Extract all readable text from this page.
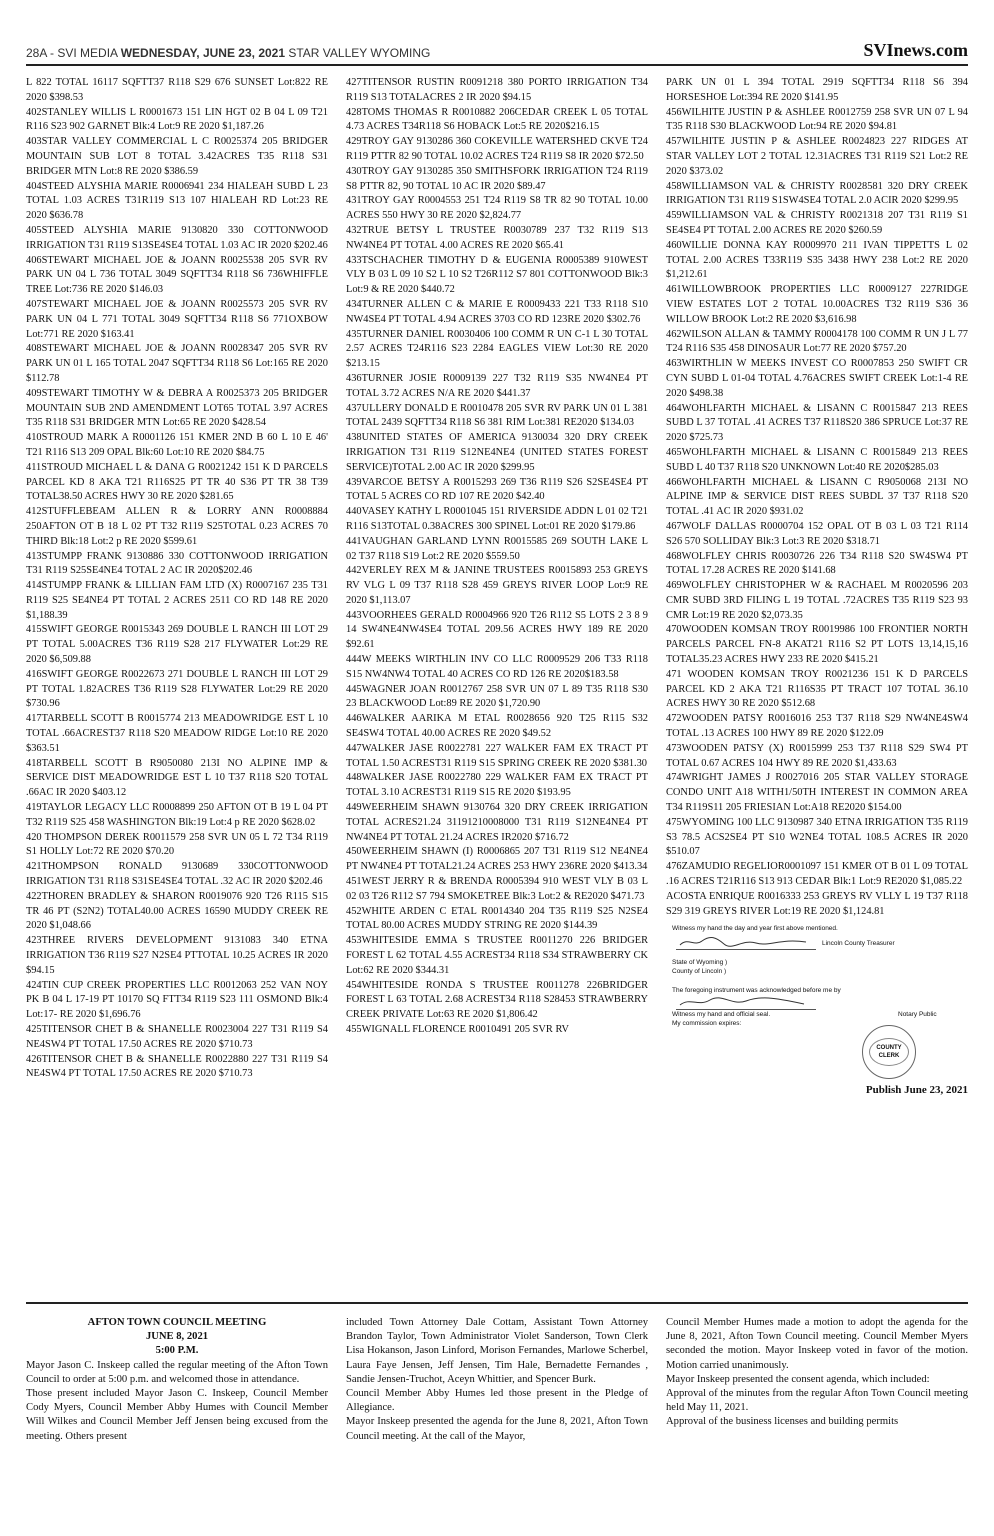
28A - SVI MEDIA WEDNESDAY, JUNE 23, 2021 STAR VALLEY WYOMING	SVInews.com

L 822 TOTAL 16117 SQFTT37 R118 S29 676 SUNSET Lot:822 RE 2020 $398.53

402STANLEY WILLIS L R0001673 151 LIN HGT 02 B 04 L 09 T21 R116 S23 902 GARNET Blk:4 Lot:9 RE 2020 $1,187.26

403STAR VALLEY COMMERCIAL L C R0025374 205 BRIDGER MOUNTAIN SUB LOT 8 TOTAL 3.42ACRES T35 R118 S31 BRIDGER MTN Lot:8 RE 2020 $386.59

404STEED ALYSHIA MARIE R0006941 234 HIALEAH SUBD L 23 TOTAL 1.03 ACRES T31R119 S13 107 HIALEAH RD Lot:23 RE 2020 $636.78

405STEED ALYSHIA MARIE 9130820 330 COTTONWOOD IRRIGATION T31 R119 S13SE4SE4 TOTAL 1.03 AC IR 2020 $202.46

406STEWART MICHAEL JOE & JOANN R0025538 205 SVR RV PARK UN 04 L 736 TOTAL 3049 SQFTT34 R118 S6 736WHIFFLE TREE Lot:736 RE 2020 $146.03

407STEWART MICHAEL JOE & JOANN R0025573 205 SVR RV PARK UN 04 L 771 TOTAL 3049 SQFTT34 R118 S6 771OXBOW Lot:771 RE 2020 $163.41

408STEWART MICHAEL JOE & JOANN R0028347 205 SVR RV PARK UN 01 L 165 TOTAL 2047 SQFTT34 R118 S6 Lot:165 RE 2020 $112.78

409STEWART TIMOTHY W & DEBRA A R0025373 205 BRIDGER MOUNTAIN SUB 2ND AMENDMENT LOT65 TOTAL 3.97 ACRES T35 R118 S31 BRIDGER MTN Lot:65 RE 2020 $428.54

410STROUD MARK A R0001126 151 KMER 2ND B 60 L 10 E 46' T21 R116 S13 209 OPAL Blk:60 Lot:10 RE 2020 $84.75

411STROUD MICHAEL L & DANA G R0021242 151 K D PARCELS PARCEL KD 8 AKA T21 R116S25 PT TR 40 S36 PT TR 38 T39 TOTAL38.50 ACRES HWY 30 RE 2020 $281.65

412STUFFLEBEAM ALLEN R & LORRY ANN R0008884 250AFTON OT B 18 L 02 PT T32 R119 S25TOTAL 0.23 ACRES 70 THIRD Blk:18 Lot:2 p RE 2020 $599.61

413STUMPP FRANK 9130886 330 COTTONWOOD IRRIGATION T31 R119 S25SE4NE4 TOTAL 2 AC IR 2020$202.46

414STUMPP FRANK & LILLIAN FAM LTD (X) R0007167 235 T31 R119 S25 SE4NE4 PT TOTAL 2 ACRES 2511 CO RD 148 RE 2020 $1,188.39

415SWIFT GEORGE R0015343 269 DOUBLE L RANCH III LOT 29 PT TOTAL 5.00ACRES T36 R119 S28 217 FLYWATER Lot:29 RE 2020 $6,509.88

416SWIFT GEORGE R0022673 271 DOUBLE L RANCH III LOT 29 PT TOTAL 1.82ACRES T36 R119 S28 FLYWATER Lot:29 RE 2020 $730.96

417TARBELL SCOTT B R0015774 213 MEADOWRIDGE EST L 10 TOTAL .66ACREST37 R118 S20 MEADOW RIDGE Lot:10 RE 2020 $363.51

418TARBELL SCOTT B R9050080 213I NO ALPINE IMP & SERVICE DIST MEADOWRIDGE EST L 10 T37 R118 S20 TOTAL .66AC IR 2020 $403.12

419TAYLOR LEGACY LLC R0008899 250 AFTON OT B 19 L 04 PT T32 R119 S25 458 WASHINGTON Blk:19 Lot:4 p RE 2020 $628.02

420 THOMPSON DEREK R0011579 258 SVR UN 05 L 72 T34 R119 S1 HOLLY Lot:72 RE 2020 $70.20

421THOMPSON RONALD 9130689 330COTTONWOOD IRRIGATION T31 R118 S31SE4SE4 TOTAL .32 AC IR 2020 $202.46

422THOREN BRADLEY & SHARON R0019076 920 T26 R115 S15 TR 46 PT (S2N2) TOTAL40.00 ACRES 16590 MUDDY CREEK RE 2020 $1,048.66

423THREE RIVERS DEVELOPMENT 9131083 340 ETNA IRRIGATION T36 R119 S27 N2SE4 PTTOTAL 10.25 ACRES IR 2020 $94.15

424TIN CUP CREEK PROPERTIES LLC R0012063 252 VAN NOY PK B 04 L 17-19 PT 10170 SQ FTT34 R119 S23 111 OSMOND Blk:4 Lot:17- RE 2020 $1,696.76

425TITENSOR CHET B & SHANELLE R0023004 227 T31 R119 S4 NE4SW4 PT TOTAL 17.50 ACRES RE 2020 $710.73

426TITENSOR CHET B & SHANELLE R0022880 227 T31 R119 S4 NE4SW4 PT TOTAL 17.50 ACRES RE 2020 $710.73

427TITENSOR RUSTIN R0091218 380 PORTO IRRIGATION T34 R119 S13 TOTALACRES 2 IR 2020 $94.15

428TOMS THOMAS R R0010882 206CEDAR CREEK L 05 TOTAL 4.73 ACRES T34R118 S6 HOBACK Lot:5 RE 2020$216.15

429TROY GAY 9130286 360 COKEVILLE WATERSHED CKVE T24 R119 PTTR 82 90 TOTAL 10.02 ACRES T24 R119 S8 IR 2020 $72.50

430TROY GAY 9130285 350 SMITHSFORK IRRIGATION T24 R119 S8 PTTR 82, 90 TOTAL 10 AC IR 2020 $89.47

431TROY GAY R0004553 251 T24 R119 S8 TR 82 90 TOTAL 10.00 ACRES 550 HWY 30 RE 2020 $2,824.77

432TRUE BETSY L TRUSTEE R0030789 237 T32 R119 S13 NW4NE4 PT TOTAL 4.00 ACRES RE 2020 $65.41

433TSCHACHER TIMOTHY D & EUGENIA R0005389 910WEST VLY B 03 L 09 10 S2 L 10 S2 T26R112 S7 801 COTTONWOOD Blk:3 Lot:9 & RE 2020 $440.72

434TURNER ALLEN C & MARIE E R0009433 221 T33 R118 S10 NW4SE4 PT TOTAL 4.94 ACRES 3703 CO RD 123RE 2020 $302.76

435TURNER DANIEL R0030406 100 COMM R UN C-1 L 30 TOTAL 2.57 ACRES T24R116 S23 2284 EAGLES VIEW Lot:30 RE 2020 $213.15

436TURNER JOSIE R0009139 227 T32 R119 S35 NW4NE4 PT TOTAL 3.72 ACRES N/A RE 2020 $441.37

437ULLERY DONALD E R0010478 205 SVR RV PARK UN 01 L 381 TOTAL 2439 SQFTT34 R118 S6 381 RIM Lot:381 RE2020 $134.03

438UNITED STATES OF AMERICA 9130034 320 DRY CREEK IRRIGATION T31 R119 S12NE4NE4 (UNITED STATES FOREST SERVICE)TOTAL 2.00 AC IR 2020 $299.95

439VARCOE BETSY A R0015293 269 T36 R119 S26 S2SE4SE4 PT TOTAL 5 ACRES CO RD 107 RE 2020 $42.40

440VASEY KATHY L R0001045 151 RIVERSIDE ADDN L 01 02 T21 R116 S13TOTAL 0.38ACRES 300 SPINEL Lot:01 RE 2020 $179.86

441VAUGHAN GARLAND LYNN R0015585 269 SOUTH LAKE L 02 T37 R118 S19 Lot:2 RE 2020 $559.50

442VERLEY REX M & JANINE TRUSTEES R0015893 253 GREYS RV VLG L 09 T37 R118 S28 459 GREYS RIVER LOOP Lot:9 RE 2020 $1,113.07

443VOORHEES GERALD R0004966 920 T26 R112 S5 LOTS 2 3 8 9 14 SW4NE4NW4SE4 TOTAL 209.56 ACRES HWY 189 RE 2020 $92.61

444W MEEKS WIRTHLIN INV CO LLC R0009529 206 T33 R118 S15 NW4NW4 TOTAL 40 ACRES CO RD 126 RE 2020$183.58

445WAGNER JOAN R0012767 258 SVR UN 07 L 89 T35 R118 S30 23 BLACKWOOD Lot:89 RE 2020 $1,720.90

446WALKER AARIKA M ETAL R0028656 920 T25 R115 S32 SE4SW4 TOTAL 40.00 ACRES RE 2020 $49.52

447WALKER JASE R0022781 227 WALKER FAM EX TRACT PT TOTAL 1.50 ACREST31 R119 S15 SPRING CREEK RE 2020 $381.30

448WALKER JASE R0022780 229 WALKER FAM EX TRACT PT TOTAL 3.10 ACREST31 R119 S15 RE 2020 $193.95

449WEERHEIM SHAWN 9130764 320 DRY CREEK IRRIGATION TOTAL ACRES21.24 31191210008000 T31 R119 S12NE4NE4 PT NW4NE4 PT TOTAL 21.24 ACRES IR2020 $716.72

450WEERHEIM SHAWN (I) R0006865 207 T31 R119 S12 NE4NE4 PT NW4NE4 PT TOTAL21.24 ACRES 253 HWY 236RE 2020 $413.34

451WEST JERRY R & BRENDA R0005394 910 WEST VLY B 03 L 02 03 T26 R112 S7 794 SMOKETREE Blk:3 Lot:2 & RE2020 $471.73

452WHITE ARDEN C ETAL R0014340 204 T35 R119 S25 N2SE4 TOTAL 80.00 ACRES MUDDY STRING RE 2020 $144.39

453WHITESIDE EMMA S TRUSTEE R0011270 226 BRIDGER FOREST L 62 TOTAL 4.55 ACREST34 R118 S34 STRAWBERRY CK Lot:62 RE 2020 $344.31

454WHITESIDE RONDA S TRUSTEE R0011278 226BRIDGER FOREST L 63 TOTAL 2.68 ACREST34 R118 S28453 STRAWBERRY CREEK PRIVATE Lot:63 RE 2020 $1,806.42

455WIGNALL FLORENCE R0010491 205 SVR RV

PARK UN 01 L 394 TOTAL 2919 SQFTT34 R118 S6 394 HORSESHOE Lot:394 RE 2020 $141.95

456WILHITE JUSTIN P & ASHLEE R0012759 258 SVR UN 07 L 94 T35 R118 S30 BLACKWOOD Lot:94 RE 2020 $94.81

457WILHITE JUSTIN P & ASHLEE R0024823 227 RIDGES AT STAR VALLEY LOT 2 TOTAL 12.31ACRES T31 R119 S21 Lot:2 RE 2020 $373.02

458WILLIAMSON VAL & CHRISTY R0028581 320 DRY CREEK IRRIGATION T31 R119 S1SW4SE4 TOTAL 2.0 ACIR 2020 $299.95

459WILLIAMSON VAL & CHRISTY R0021318 207 T31 R119 S1 SE4SE4 PT TOTAL 2.00 ACRES RE 2020 $260.59

460WILLIE DONNA KAY R0009970 211 IVAN TIPPETTS L 02 TOTAL 2.00 ACRES T33R119 S35 3438 HWY 238 Lot:2 RE 2020 $1,212.61

461WILLOWBROOK PROPERTIES LLC R0009127 227RIDGE VIEW ESTATES LOT 2 TOTAL 10.00ACRES T32 R119 S36 36 WILLOW BROOK Lot:2 RE 2020 $3,616.98

462WILSON ALLAN & TAMMY R0004178 100 COMM R UN J L 77 T24 R116 S35 458 DINOSAUR Lot:77 RE 2020 $757.20

463WIRTHLIN W MEEKS INVEST CO R0007853 250 SWIFT CR CYN SUBD L 01-04 TOTAL 4.76ACRES SWIFT CREEK Lot:1-4 RE 2020 $498.38

464WOHLFARTH MICHAEL & LISANN C R0015847 213 REES SUBD L 37 TOTAL .41 ACRES T37 R118S20 386 SPRUCE Lot:37 RE 2020 $725.73

465WOHLFARTH MICHAEL & LISANN C R0015849 213 REES SUBD L 40 T37 R118 S20 UNKNOWN Lot:40 RE 2020$285.03

466WOHLFARTH MICHAEL & LISANN C R9050068 213I NO ALPINE IMP & SERVICE DIST REES SUBDL 37 T37 R118 S20 TOTAL .41 AC IR 2020 $931.02

467WOLF DALLAS R0000704 152 OPAL OT B 03 L 03 T21 R114 S26 570 SOLLIDAY Blk:3 Lot:3 RE 2020 $318.71

468WOLFLEY CHRIS R0030726 226 T34 R118 S20 SW4SW4 PT TOTAL 17.28 ACRES RE 2020 $141.68

469WOLFLEY CHRISTOPHER W & RACHAEL M R0020596 203 CMR SUBD 3RD FILING L 19 TOTAL .72ACRES T35 R119 S23 93 CMR Lot:19 RE 2020 $2,073.35

470WOODEN KOMSAN TROY R0019986 100 FRONTIER NORTH PARCELS PARCEL FN-8 AKAT21 R116 S2 PT LOTS 13,14,15,16 TOTAL35.23 ACRES HWY 233 RE 2020 $415.21

471 WOODEN KOMSAN TROY R0021236 151 K D PARCELS PARCEL KD 2 AKA T21 R116S35 PT TRACT 107 TOTAL 36.10 ACRES HWY 30 RE 2020 $512.68

472WOODEN PATSY R0016016 253 T37 R118 S29 NW4NE4SW4 TOTAL .13 ACRES 100 HWY 89 RE 2020 $122.09

473WOODEN PATSY (X) R0015999 253 T37 R118 S29 SW4 PT TOTAL 0.67 ACRES 104 HWY 89 RE 2020 $1,433.63

474WRIGHT JAMES J R0027016 205 STAR VALLEY STORAGE CONDO UNIT A18 WITH1/50TH INTEREST IN COMMON AREA T34 R119S11 205 FRIESIAN Lot:A18 RE2020 $154.00

475WYOMING 100 LLC 9130987 340 ETNA IRRIGATION T35 R119 S3 78.5 ACS2SE4 PT S10 W2NE4 TOTAL 108.5 ACRES IR 2020 $510.07

476ZAMUDIO REGELIOR0001097 151 KMER OT B 01 L 09 TOTAL .16 ACRES T21R116 S13 913 CEDAR Blk:1 Lot:9 RE2020 $1,085.22

ACOSTA ENRIQUE R0016333 253 GREYS RV VLLY L 19 T37 R118 S29 319 GREYS RIVER Lot:19 RE 2020 $1,124.81

Witness my hand the day and year first above mentioned.
Lincoln County Treasurer
State of Wyoming )
County of Lincoln )
The foregoing instrument was acknowledged before me by
Witness my hand and official seal.
My commission expires:
Notary Public
COUNTY CLERK
Publish June 23, 2021

AFTON TOWN COUNCIL MEETING

JUNE 8, 2021

5:00 P.M.

Mayor Jason C. Inskeep called the regular meeting of the Afton Town Council to order at 5:00 p.m. and welcomed those in attendance.

Those present included Mayor Jason C. Inskeep, Council Member Cody Myers, Council Member Abby Humes with Council Member Will Wilkes and Council Member Jeff Jensen being excused from the meeting. Others present

included Town Attorney Dale Cottam, Assistant Town Attorney Brandon Taylor, Town Administrator Violet Sanderson, Town Clerk Lisa Hokanson, Jason Linford, Morison Fernandes, Marlowe Scherbel, Laura Faye Jensen, Jeff Jensen, Tim Hale, Bernadette Fernandes , Sandie Jensen-Truchot, Aceyn Whittier, and Spencer Burk.

Council Member Abby Humes led those present in the Pledge of Allegiance.

Mayor Inskeep presented the agenda for the June 8, 2021, Afton Town Council meeting. At the call of the Mayor,

Council Member Humes made a motion to adopt the agenda for the June 8, 2021, Afton Town Council meeting. Council Member Myers seconded the motion. Mayor Inskeep voted in favor of the motion. Motion carried unanimously.

Mayor Inskeep presented the consent agenda, which included:

Approval of the minutes from the regular Afton Town Council meeting held May 11, 2021.

Approval of the business licenses and building permits
